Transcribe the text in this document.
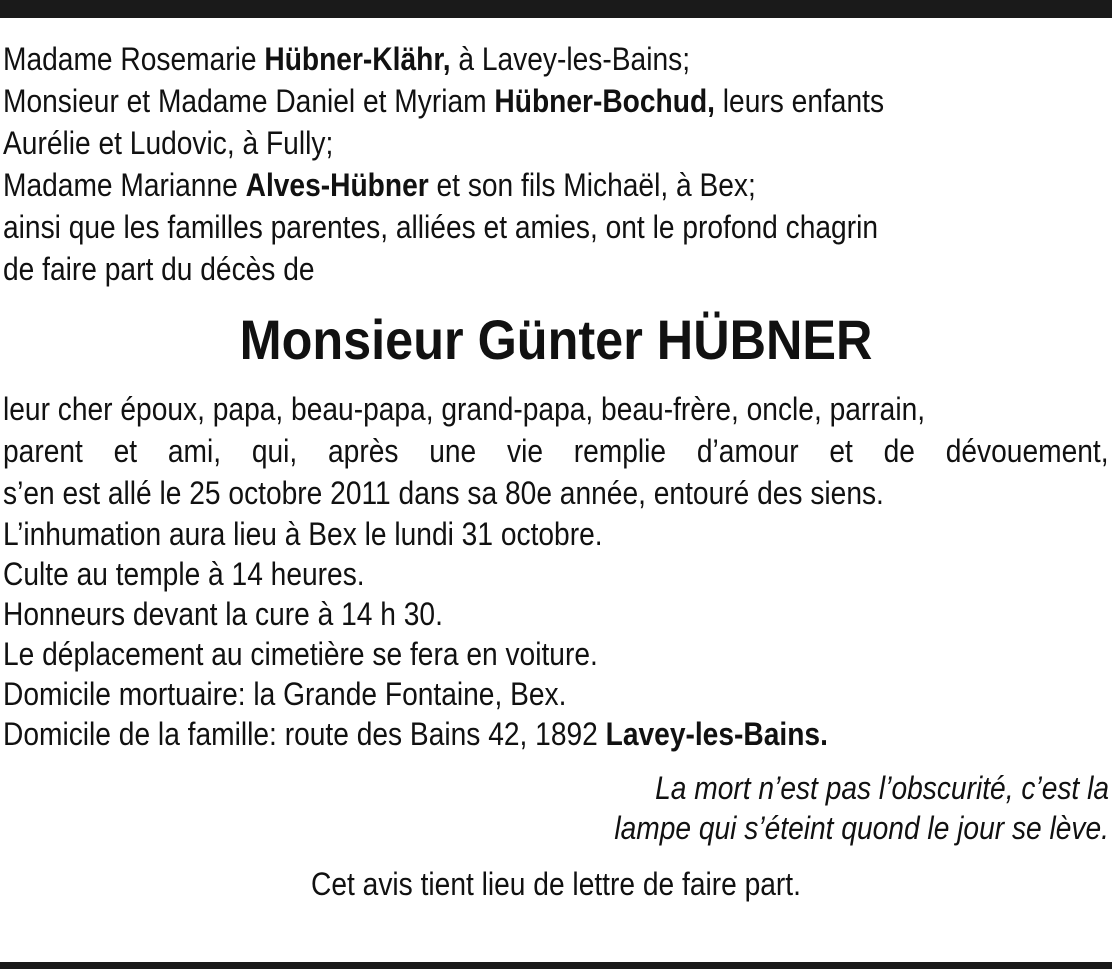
Madame Rosemarie Hübner-Klähr, à Lavey-les-Bains;
Monsieur et Madame Daniel et Myriam Hübner-Bochud, leurs enfants
Aurélie et Ludovic, à Fully;
Madame Marianne Alves-Hübner et son fils Michaël, à Bex;
ainsi que les familles parentes, alliées et amies, ont le profond chagrin
de faire part du décès de
Monsieur Günter HÜBNER
leur cher époux, papa, beau-papa, grand-papa, beau-frère, oncle, parrain,
parent et ami, qui, après une vie remplie d’amour et de dévouement,
s’en est allé le 25 octobre 2011 dans sa 80e année, entouré des siens.
L’inhumation aura lieu à Bex le lundi 31 octobre.
Culte au temple à 14 heures.
Honneurs devant la cure à 14 h 30.
Le déplacement au cimetière se fera en voiture.
Domicile mortuaire: la Grande Fontaine, Bex.
Domicile de la famille: route des Bains 42, 1892 Lavey-les-Bains.
La mort n’est pas l’obscurité, c’est la
lampe qui s’éteint quond le jour se lève.
Cet avis tient lieu de lettre de faire part.
